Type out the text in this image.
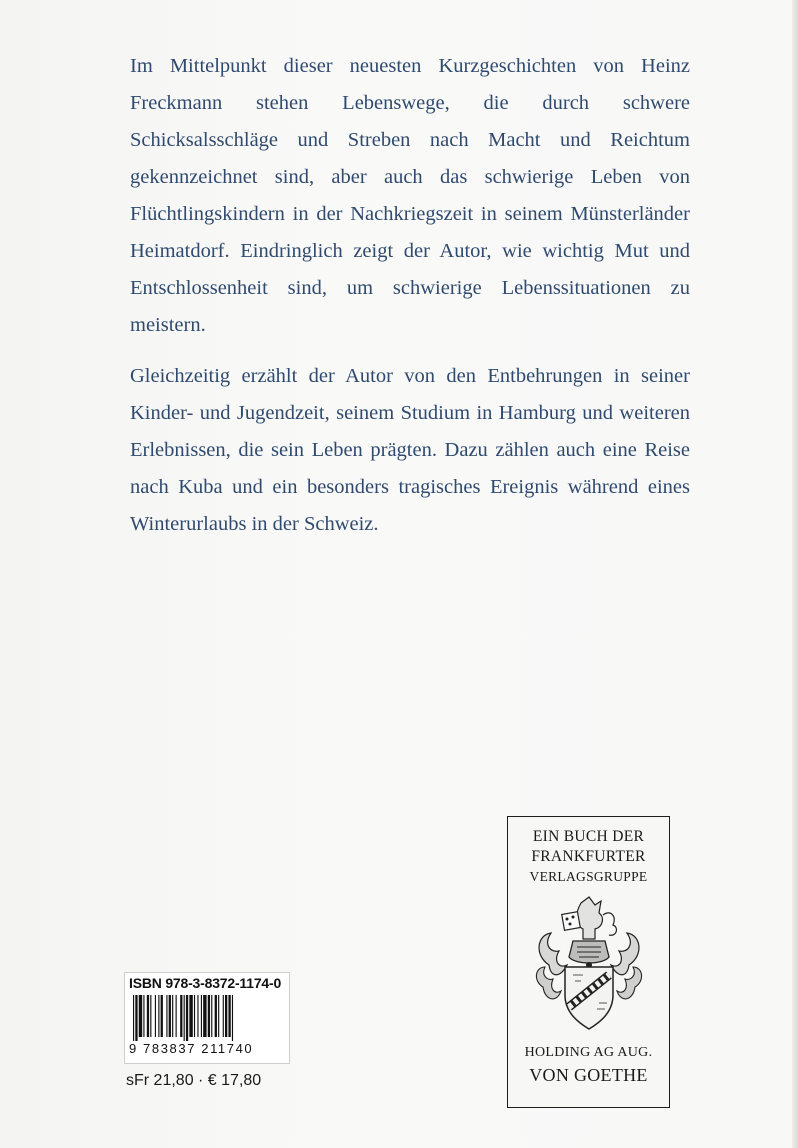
Im Mittelpunkt dieser neuesten Kurzgeschichten von Heinz Freckmann stehen Lebenswege, die durch schwere Schicksalsschläge und Streben nach Macht und Reichtum gekennzeichnet sind, aber auch das schwierige Leben von Flüchtlingskindern in der Nachkriegszeit in seinem Münsterländer Heimatdorf. Eindringlich zeigt der Autor, wie wichtig Mut und Entschlossenheit sind, um schwierige Lebenssituationen zu meistern.

Gleichzeitig erzählt der Autor von den Entbehrungen in seiner Kinder- und Jugendzeit, seinem Studium in Hamburg und weiteren Erlebnissen, die sein Leben prägten. Dazu zählen auch eine Reise nach Kuba und ein besonders tragisches Ereignis während eines Winterurlaubs in der Schweiz.

EIN BUCH DER
FRANKFURTER
VERLAGSGRUPPE
HOLDING AG AUG.
VON GOETHE
ISBN 978-3-8372-1174-0
9 783837 211740
sFr 21,80 · € 17,80
